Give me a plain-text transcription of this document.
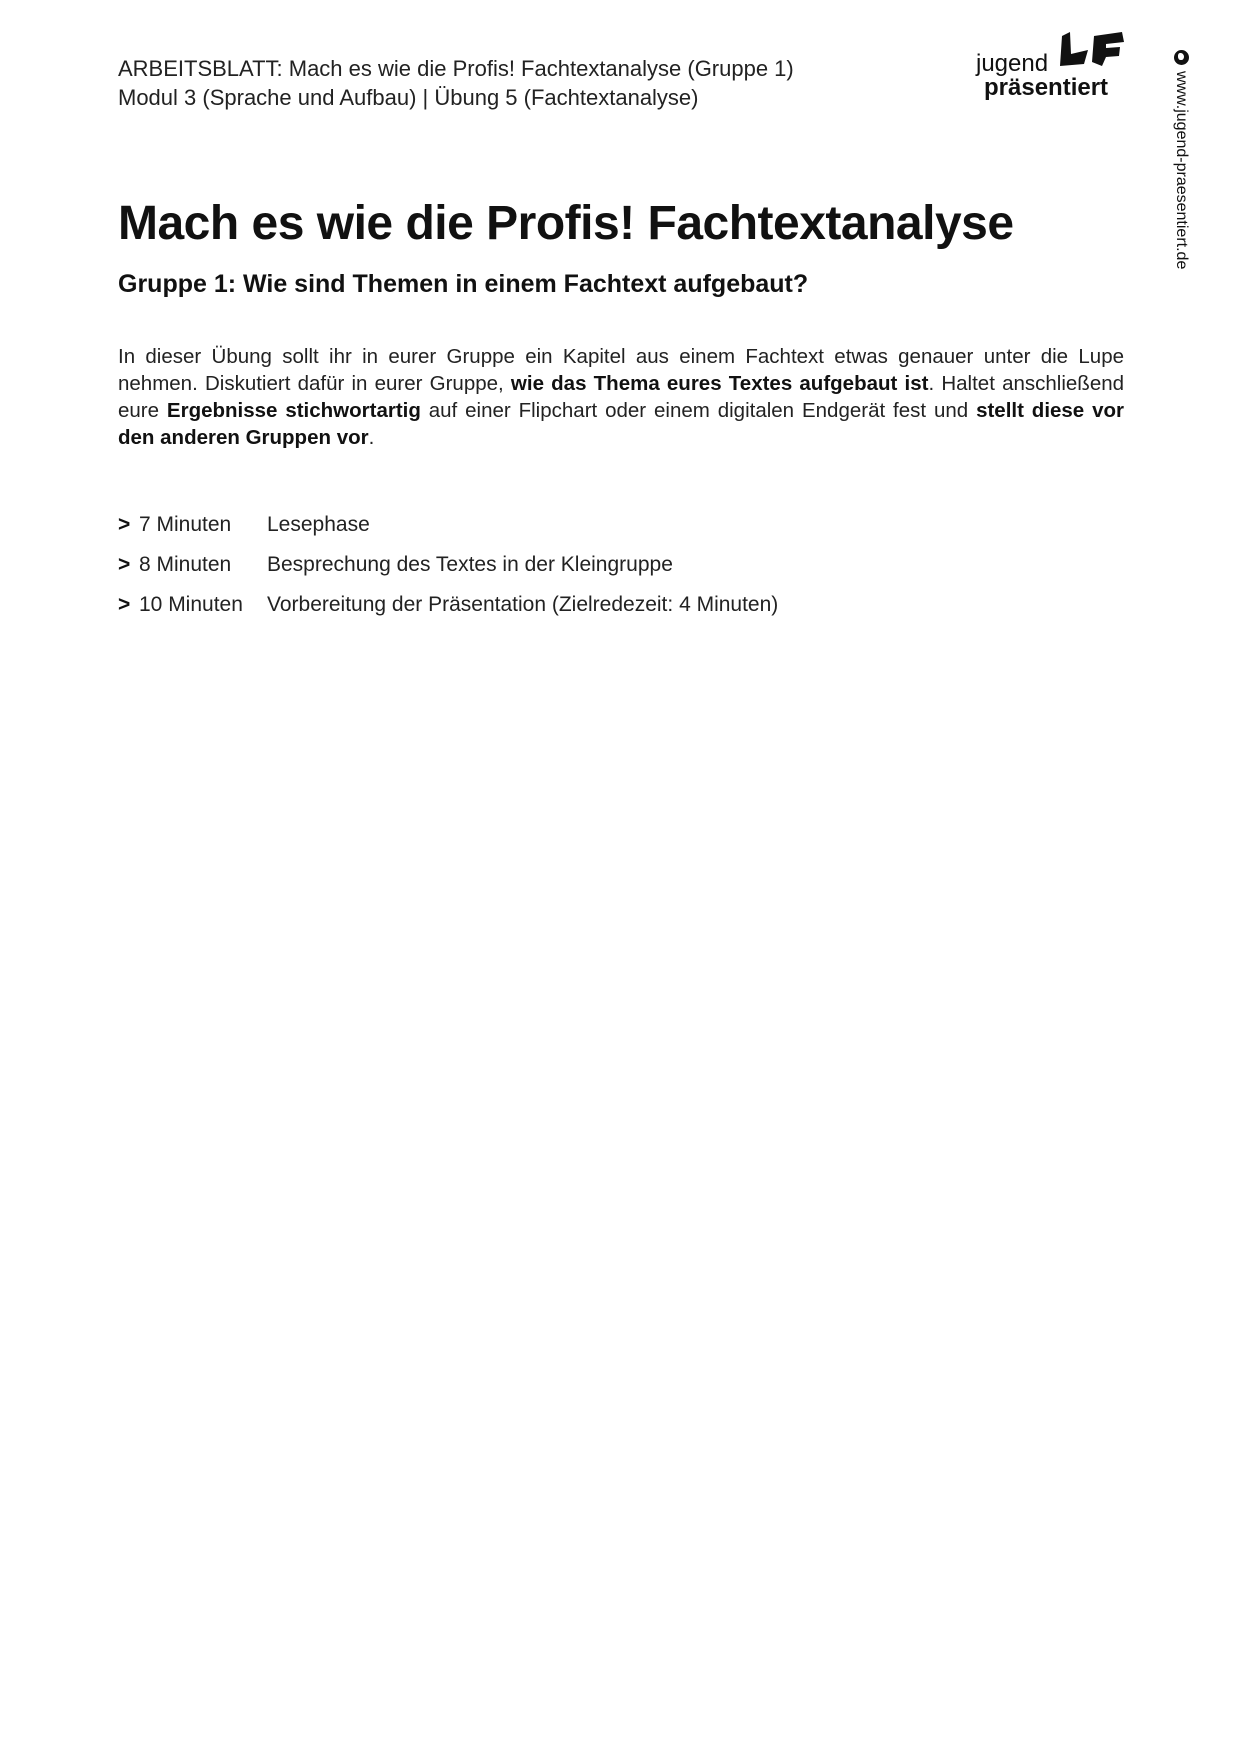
ARBEITSBLATT: Mach es wie die Profis! Fachtextanalyse (Gruppe 1)
Modul 3 (Sprache und Aufbau) | Übung 5 (Fachtextanalyse)
jugend
präsentiert	www.jugend-praesentiert.de
Mach es wie die Profis! Fachtextanalyse
Gruppe 1: Wie sind Themen in einem Fachtext aufgebaut?
In dieser Übung sollt ihr in eurer Gruppe ein Kapitel aus einem Fachtext etwas genauer unter die Lupe nehmen. Diskutiert dafür in eurer Gruppe, wie das Thema eures Textes aufgebaut ist. Haltet anschließend eure Ergebnisse stichwortartig auf einer Flipchart oder einem digitalen Endgerät fest und stellt diese vor den anderen Gruppen vor.
> 7 Minuten	Lesephase
> 8 Minuten	Besprechung des Textes in der Kleingruppe
> 10 Minuten	Vorbereitung der Präsentation (Zielredezeit: 4 Minuten)
